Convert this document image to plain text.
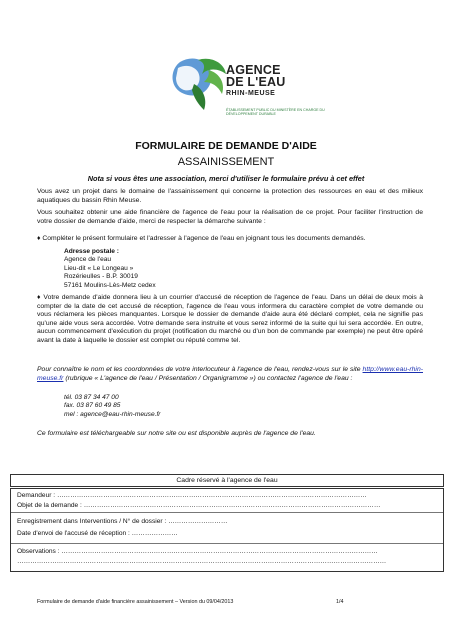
AGENCE
DE L'EAU
RHIN-MEUSE
ÉTABLISSEMENT PUBLIC DU MINISTÈRE EN CHARGE DU DÉVELOPPEMENT DURABLE
FORMULAIRE DE DEMANDE D'AIDE
ASSAINISSEMENT
Nota si vous êtes une association, merci d'utiliser le formulaire prévu à cet effet
Vous avez un projet dans le domaine de l'assainissement qui concerne la protection des ressources en eau et des milieux aquatiques du bassin Rhin Meuse.
Vous souhaitez obtenir une aide financière de l'agence de l'eau pour la réalisation de ce projet. Pour faciliter l'instruction de votre dossier de demande d'aide, merci de respecter la démarche suivante :
♦ Compléter le présent formulaire et l'adresser à l'agence de l'eau en joignant tous les documents demandés.
Adresse postale :
Agence de l'eau
Lieu-dit « Le Longeau »
Rozérieulles - B.P. 30019
57161 Moulins-Lès-Metz cedex
♦ Votre demande d'aide donnera lieu à un courrier d'accusé de réception de l'agence de l'eau. Dans un délai de deux mois à compter de la date de cet accusé de réception, l'agence de l'eau vous informera du caractère complet de votre demande ou vous réclamera les pièces manquantes. Lorsque le dossier de demande d'aide aura été déclaré complet, cela ne signifie pas qu'une aide vous sera accordée. Votre demande sera instruite et vous serez informé de la suite qui lui sera accordée. En outre, aucun commencement d'exécution du projet (notification du marché ou d'un bon de commande par exemple) ne peut être opéré avant la date à laquelle le dossier est complet ou réputé comme tel.
Pour connaître le nom et les coordonnées de votre interlocuteur à l'agence de l'eau, rendez-vous sur le site http://www.eau-rhin-meuse.fr (rubrique « L'agence de l'eau / Présentation / Organigramme ») ou contactez l'agence de l'eau :
tél. 03 87 34 47 00
fax. 03 87 60 49 85
mel : agence@eau-rhin-meuse.fr
Ce formulaire est téléchargeable sur notre site ou est disponible auprès de l'agence de l'eau.
Cadre réservé à l'agence de l'eau
Demandeur : ……………………………………………………………………………………………………………………………
Objet de la demande : ………………………………………………………………………………………………………………………
Enregistrement dans Interventions / N° de dossier : ………………………
Date d'envoi de l'accusé de réception : …………………
Observations : ………………………………………………………………………………………………………………………………
……………………………………………………………………………………………………………………………………………………
Formulaire de demande d'aide financière assainissement – Version du 09/04/2013	1/4
